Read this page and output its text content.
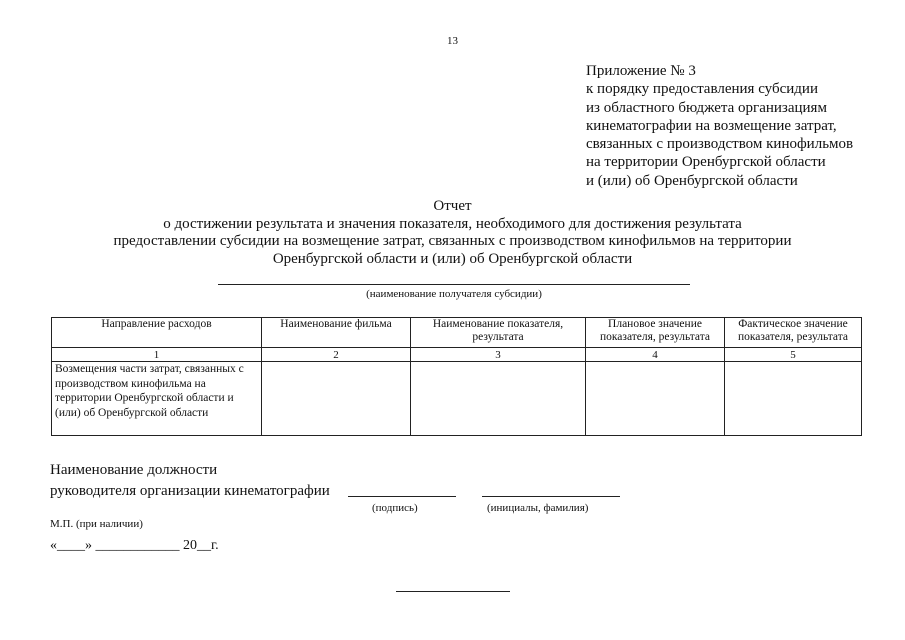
13
Приложение № 3
к порядку предоставления субсидии
из областного бюджета организациям
кинематографии на возмещение затрат,
связанных с производством кинофильмов
на территории Оренбургской области
и (или) об Оренбургской области
Отчет
о достижении результата и значения показателя, необходимого для достижения результата
предоставлении субсидии на возмещение затрат, связанных с производством кинофильмов на территории
Оренбургской области и (или) об Оренбургской области
(наименование получателя субсидии)
Направление расходов	Наименование фильма	Наименование показателя, результата	Плановое значение показателя, результата	Фактическое значение показателя, результата
1	2	3	4	5
Возмещения части затрат, связанных с производством кинофильма на территории Оренбургской области и (или) об Оренбургской области				
Наименование должности
руководителя организации кинематографии
(подпись)	(инициалы, фамилия)
М.П. (при наличии)
«____» ____________ 20__г.
